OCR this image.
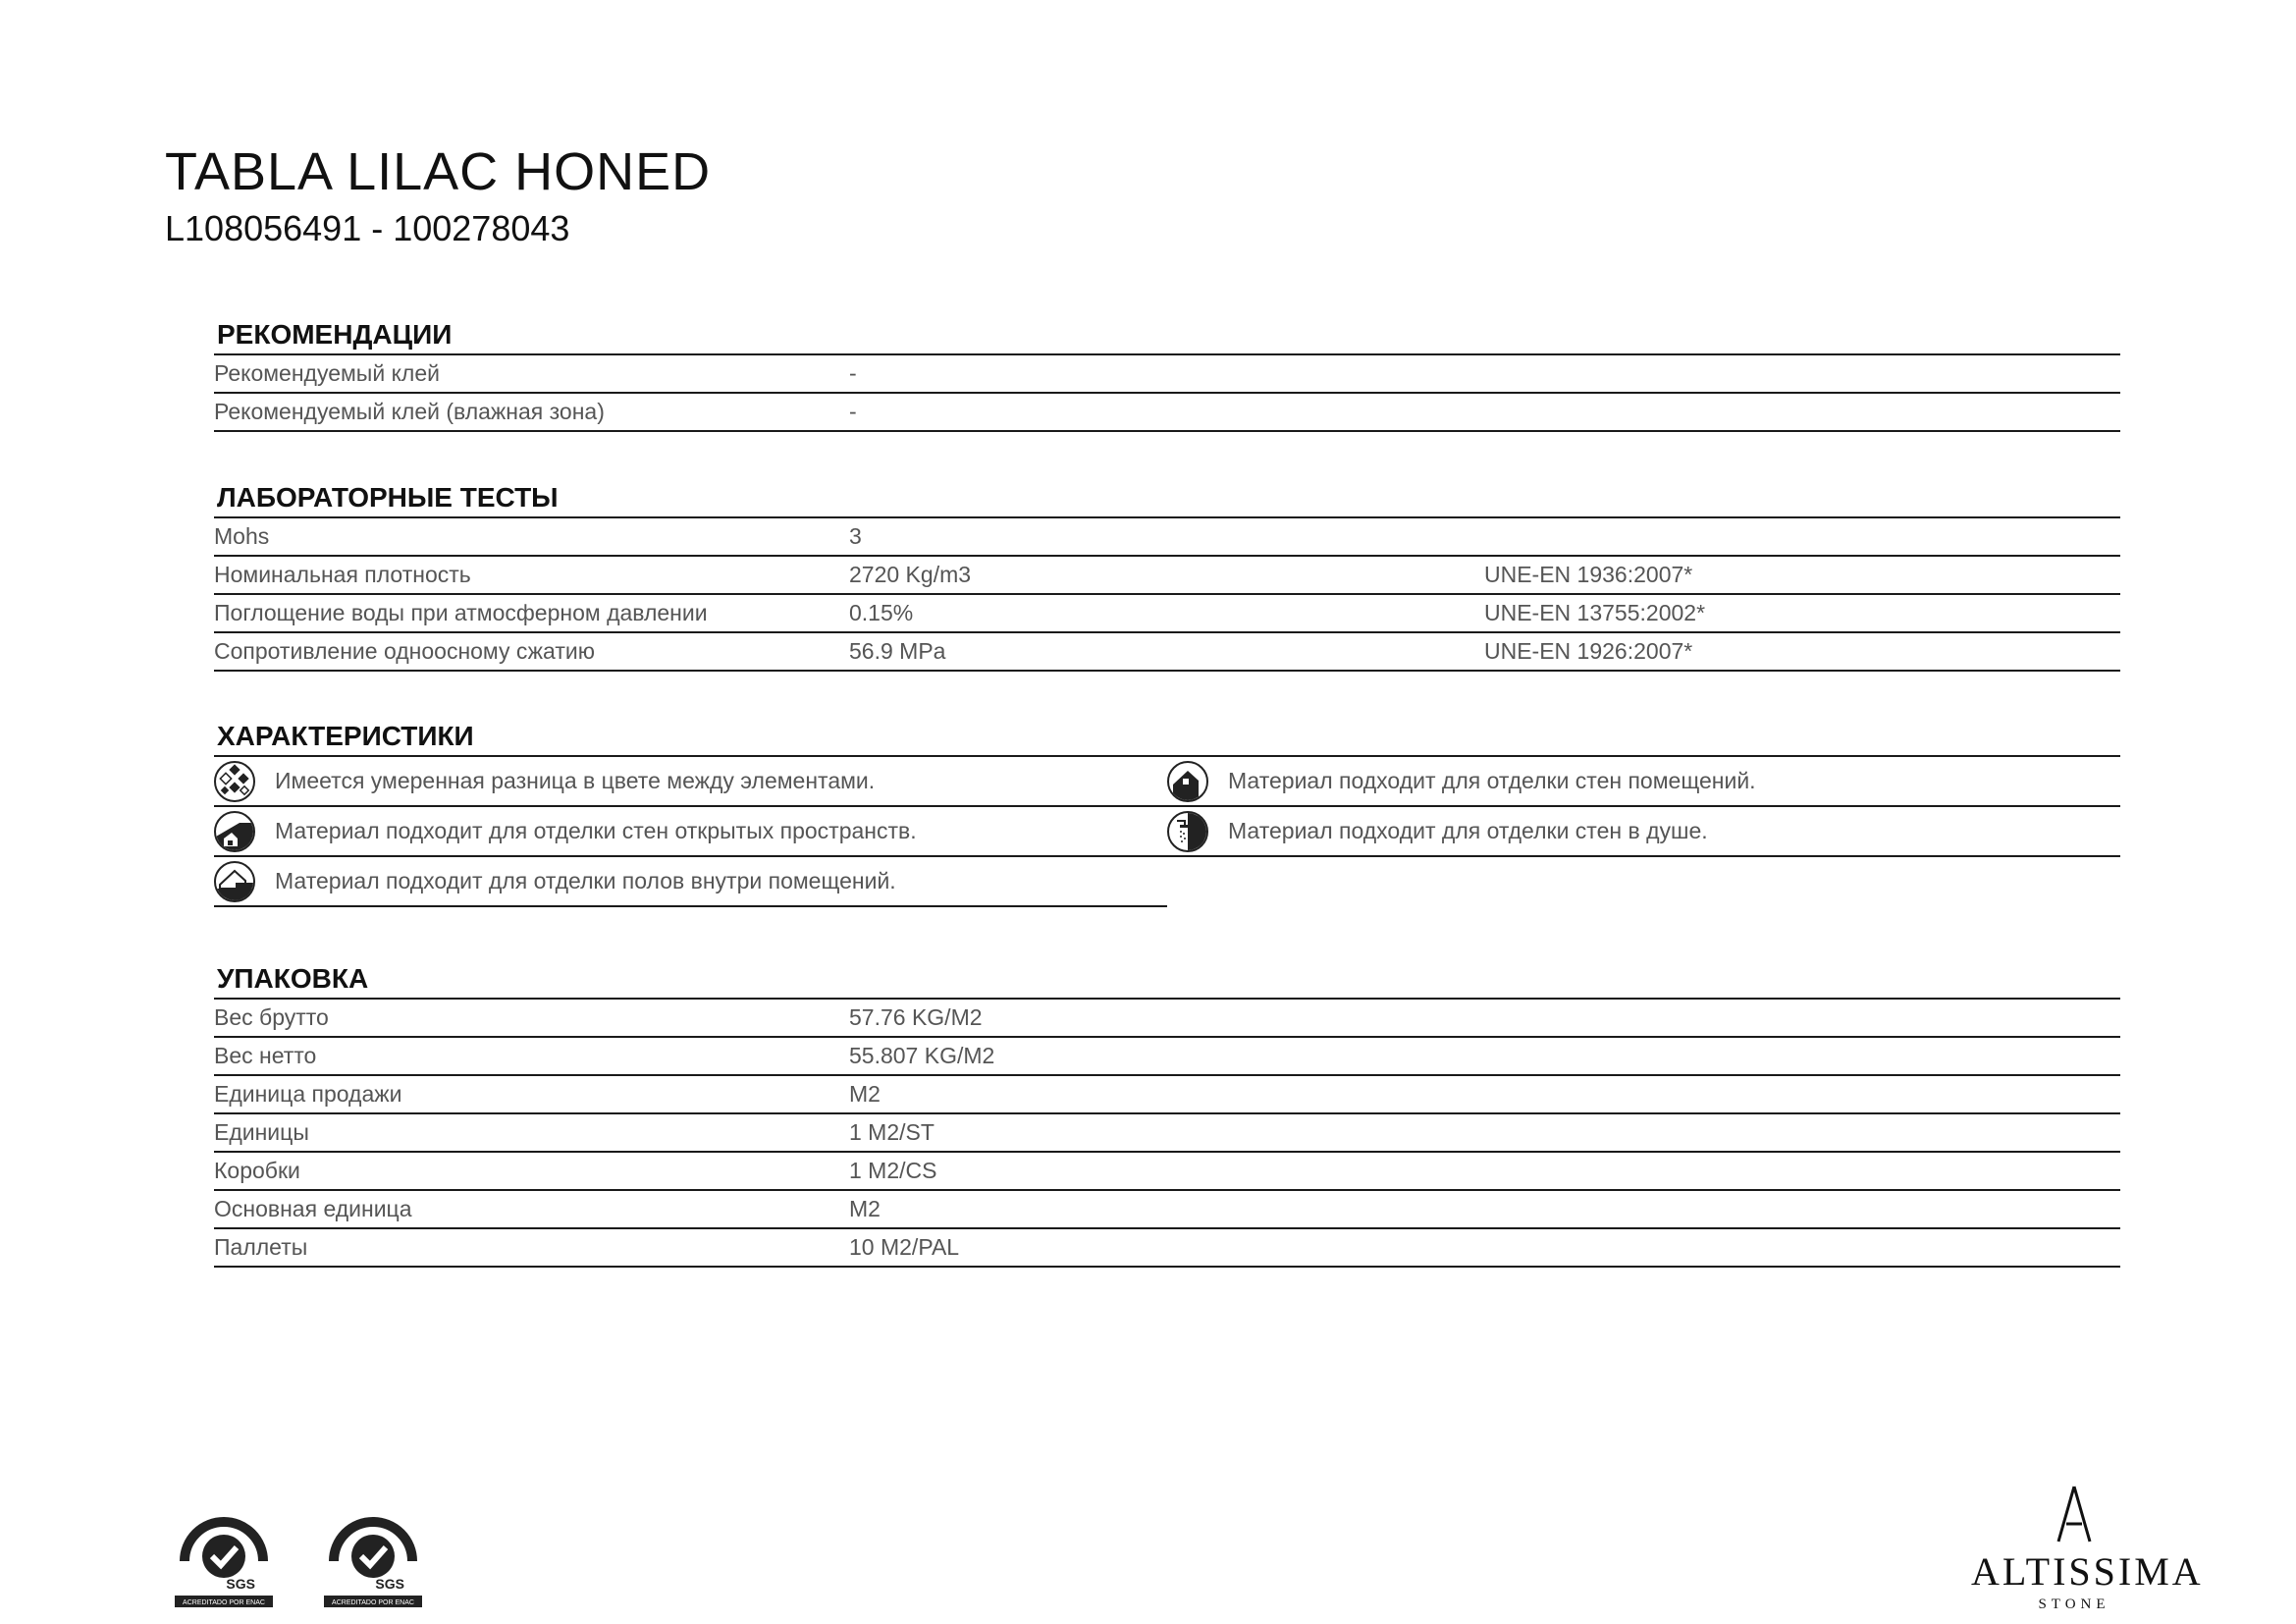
TABLA LILAC HONED
L108056491 - 100278043
РЕКОМЕНДАЦИИ
Рекомендуемый клей	-
Рекомендуемый клей (влажная зона)	-
ЛАБОРАТОРНЫЕ ТЕСТЫ
Mohs	3
Номинальная плотность	2720 Kg/m3	UNE-EN 1936:2007*
Поглощение воды при атмосферном давлении	0.15%	UNE-EN 13755:2002*
Сопротивление одноосному сжатию	56.9 MPa	UNE-EN 1926:2007*
ХАРАКТЕРИСТИКИ
Имеется умеренная разница в цвете между элементами.	Материал подходит для отделки стен помещений.
Материал подходит для отделки стен открытых пространств.	Материал подходит для отделки стен в душе.
Материал подходит для отделки полов внутри помещений.
УПАКОВКА
Вес брутто	57.76 KG/M2
Вес нетто	55.807 KG/M2
Единица продажи	M2
Единицы	1 M2/ST
Коробки	1 M2/CS
Основная единица	M2
Паллеты	10 M2/PAL
SGS
ACREDITADO POR ENAC
SGS
ACREDITADO POR ENAC
ALTISSIMA
STONE
